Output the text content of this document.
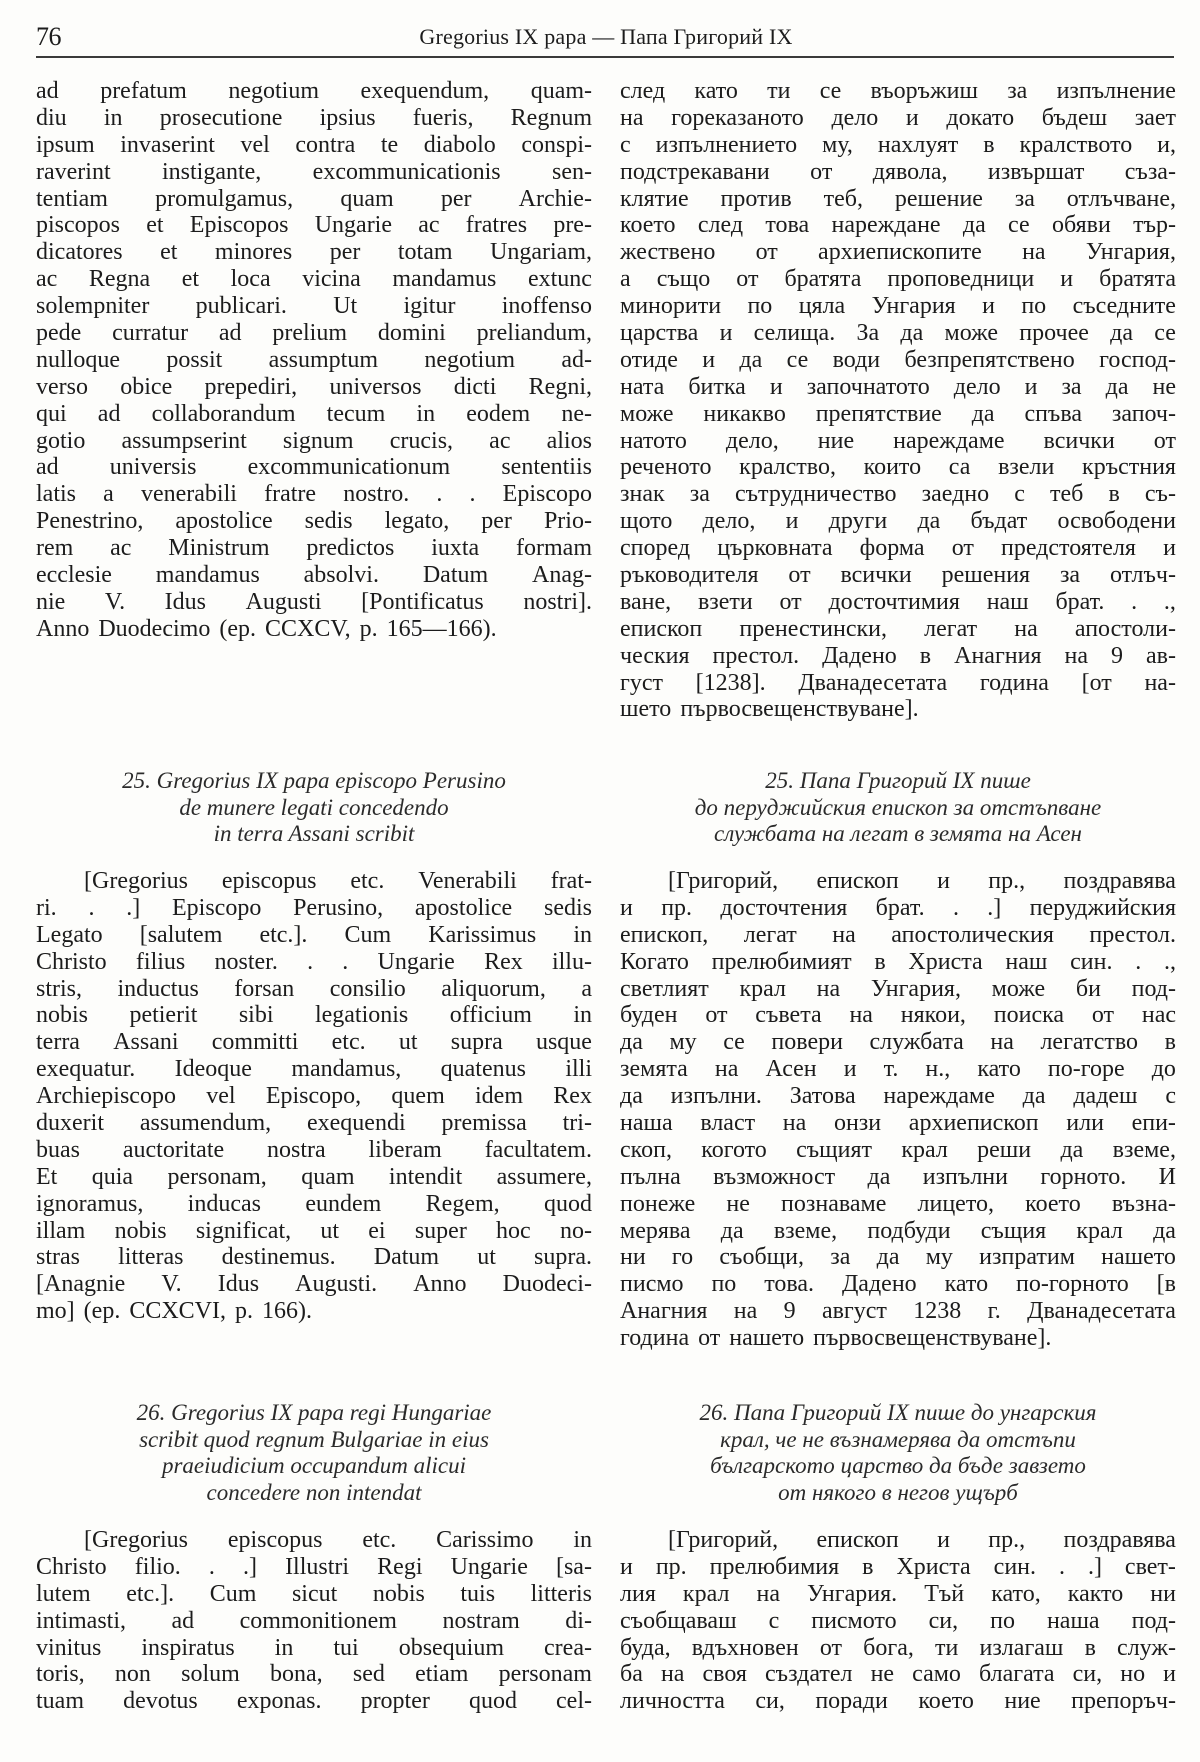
76	Gregorius IX papa — Папа Григорий IX
ad prefatum negotium exequendum, quam-
diu in prosecutione ipsius fueris, Regnum
ipsum invaserint vel contra te diabolo conspi-
raverint instigante, excommunicationis sen-
tentiam promulgamus, quam per Archie-
piscopos et Episcopos Ungarie ac fratres pre-
dicatores et minores per totam Ungariam,
ac Regna et loca vicina mandamus extunc
solempniter publicari. Ut igitur inoffenso
pede curratur ad prelium domini preliandum,
nulloque possit assumptum negotium ad-
verso obice prepediri, universos dicti Regni,
qui ad collaborandum tecum in eodem ne-
gotio assumpserint signum crucis, ac alios
ad universis excommunicationum sententiis
latis a venerabili fratre nostro. . . Episcopo
Penestrino, apostolice sedis legato, per Prio-
rem ac Ministrum predictos iuxta formam
ecclesie mandamus absolvi. Datum Anag-
nie V. Idus Augusti [Pontificatus nostri].
Anno Duodecimo (ep. CCXCV, p. 165—166).
25. Gregorius IX papa episcopo Perusino
de munere legati concedendo
in terra Assani scribit
[Gregorius episcopus etc. Venerabili frat-
ri. . .] Episcopo Perusino, apostolice sedis
Legato [salutem etc.]. Cum Karissimus in
Christo filius noster. . . Ungarie Rex illu-
stris, inductus forsan consilio aliquorum, a
nobis petierit sibi legationis officium in
terra Assani committi etc. ut supra usque
exequatur. Ideoque mandamus, quatenus illi
Archiepiscopo vel Episcopo, quem idem Rex
duxerit assumendum, exequendi premissa tri-
buas auctoritate nostra liberam facultatem.
Et quia personam, quam intendit assumere,
ignoramus, inducas eundem Regem, quod
illam nobis significat, ut ei super hoc no-
stras litteras destinemus. Datum ut supra.
[Anagnie V. Idus Augusti. Anno Duodeci-
mo] (ep. CCXCVI, p. 166).
26. Gregorius IX papa regi Hungariae
scribit quod regnum Bulgariae in eius
praeiudicium occupandum alicui
concedere non intendat
[Gregorius episcopus etc. Carissimo in
Christo filio. . .] Illustri Regi Ungarie [sa-
lutem etc.]. Cum sicut nobis tuis litteris
intimasti, ad commonitionem nostram di-
vinitus inspiratus in tui obsequium crea-
toris, non solum bona, sed etiam personam
tuam devotus exponas. propter quod cel-
след като ти се въоръжиш за изпълнение
на горeказаното дело и докато бъдеш зает
с изпълнението му, нахлуят в кралството и,
подстрекавани от дявола, извършат съза-
клятие против теб, решение за отлъчване,
което след това нареждане да се обяви тър-
жествено от архиепископите на Унгария,
а също от братята проповедници и братята
минорити по цяла Унгария и по съседните
царства и селища. За да може прочее да се
отиде и да се води безпрепятствено господ-
ната битка и започнатото дело и за да не
може никакво препятствие да спъва започ-
натото дело, ние нареждаме всички от
реченото кралство, които са взели кръстния
знак за сътрудничество заедно с теб в съ-
щото дело, и други да бъдат освободени
според църковната форма от предстоятеля и
ръководителя от всички решения за отлъч-
ване, взети от досточтимия наш брат. . .,
епископ пренестински, легат на апостоли-
ческия престол. Дадено в Анагния на 9 ав-
густ [1238]. Дванадесетата година [от на-
шето първосвещенствуване].
25. Папа Григорий IX пише
до перуджийския епископ за отстъпване
службата на легат в земята на Асен
[Григорий, епископ и пр., поздравява
и пр. досточтения брат. . .] перуджийския
епископ, легат на апостолическия престол.
Когато прелюбимият в Христа наш син. . .,
светлият крал на Унгария, може би под-
буден от съвета на някои, поиска от нас
да му се повери службата на легатство в
земята на Асен и т. н., като по-горе до
да изпълни. Затова нареждаме да дадеш с
наша власт на онзи архиепископ или епи-
скоп, когото същият крал реши да вземе,
пълна възможност да изпълни горното. И
понеже не познаваме лицето, което възна-
мерява да вземе, подбуди същия крал да
ни го съобщи, за да му изпратим нашето
писмо по това. Дадено като по-горното [в
Анагния на 9 август 1238 г. Дванадесетата
година от нашето първосвещенствуване].
26. Папа Григорий IX пише до унгарския
крал, че не възнамерява да отстъпи
българското царство да бъде завзето
от някого в негов ущърб
[Григорий, епископ и пр., поздравява
и пр. прелюбимия в Христа син. . .] свет-
лия крал на Унгария. Тъй като, както ни
съобщаваш с писмото си, по наша под-
буда, вдъхновен от бога, ти излагаш в служ-
ба на своя създател не само благата си, но и
личността си, поради което ние препоръч-
